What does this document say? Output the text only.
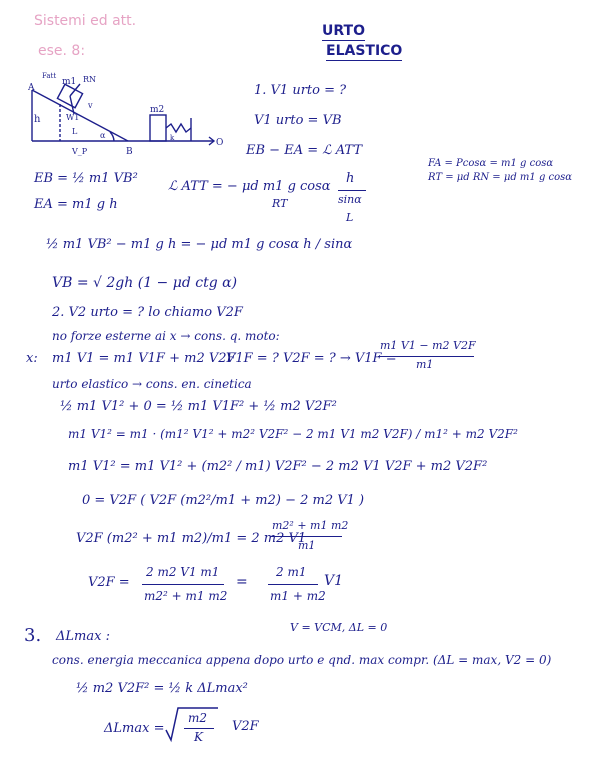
Sistemi ed att.
ese. 8:
URTO
ELASTICO
A
Fatt
m1 RN
v
h	W1
L	α
V_P	B
O
m2
k
1. V1 urto = ?
V1 urto = VB
EB − EA = ℒ ATT
FA = Pcosα = m1 g cosα
RT = μd RN = μd m1 g cosα
EB = ½ m1 VB²
EA = m1 g h
ℒ ATT = − μd m1 g cosα
RT
h
sinα
L
½ m1 VB² − m1 g h = − μd m1 g cosα h / sinα
VB = √ 2gh (1 − μd ctg α)
2. V2 urto = ? lo chiamo V2F
no forze esterne ai x → cons. q. moto:
x: m1 V1 = m1 V1F + m2 V2F
V1F = ? V2F = ? → V1F =
m1 V1 − m2 V2F
m1
urto elastico → cons. en. cinetica
½ m1 V1² + 0 = ½ m1 V1F² + ½ m2 V2F²
m1 V1² = m1 · (m1² V1² + m2² V2F² − 2 m1 V1 m2 V2F) / m1² + m2 V2F²
m1 V1² = m1 V1² + (m2² / m1) V2F² − 2 m2 V1 V2F + m2 V2F²
0 = V2F ( V2F (m2²/m1 + m2) − 2 m2 V1 )
V2F (m2² + m1 m2)/m1 = 2 m2 V1
m2² + m1 m2
m1
V2F =
2 m2 V1 m1
m2² + m1 m2
=
2 m1
m1 + m2
V1
3. ΔLmax :
V = VCM, ΔL = 0
cons. energia meccanica appena dopo urto e qnd. max compr. (ΔL = max, V2 = 0)
½ m2 V2F² = ½ k ΔLmax²
ΔLmax =
m2
K
V2F
